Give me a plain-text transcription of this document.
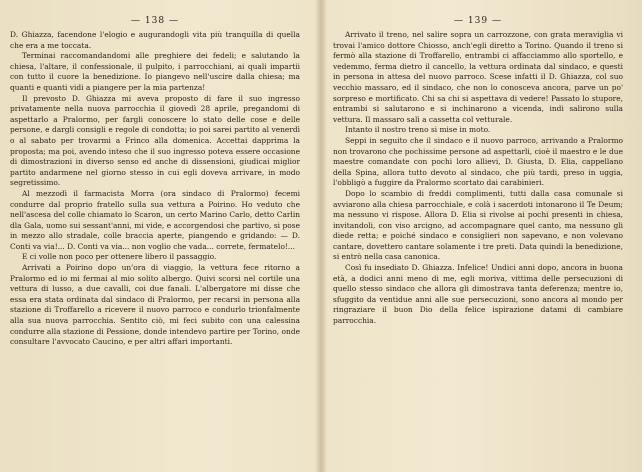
— 138 —

D. Ghiazza, facendone l'elogio e augurandogli vita più tranquilla di quella che era a me toccata.

Terminai raccomandandomi alle preghiere dei fedeli; e salutando la chiesa, l'altare, il confessionale, il pulpito, i parrocchiani, ai quali impartii con tutto il cuore la benedizione. Io piangevo nell'uscire dalla chiesa; ma quanti e quanti vidi a piangere per la mia partenza!

Il prevosto D. Ghiazza mi aveva proposto di fare il suo ingresso privatamente nella nuova parrocchia il giovedì 28 aprile, pregandomi di aspettarlo a Pralormo, per fargli conoscere lo stato delle cose e delle persone, e dargli consigli e regole di condotta; io poi sarei partito al venerdì o al sabato per trovarmi a Frinco alla domenica. Accettai dapprima la proposta; ma poi, avendo inteso che il suo ingresso poteva essere occasione di dimostrazioni in diverso senso ed anche di dissensioni, giudicai miglior partito andarmene nel giorno stesso in cui egli doveva arrivare, in modo segretissimo.

Al mezzodì il farmacista Morra (ora sindaco di Pralormo) fecemi condurre dal proprio fratello sulla sua vettura a Poirino. Ho veduto che nell'ascesa del colle chiamato lo Scaron, un certo Marino Carlo, detto Carlin dla Gala, uomo sui sessant'anni, mi vide, e accorgendosi che partivo, si pose in mezzo allo stradale, colle braccia aperte, piangendo e gridando: — D. Conti va via!... D. Conti va via... non voglio che vada... correte, fermatelo!...

E ci volle non poco per ottenere libero il passaggio.

Arrivati a Poirino dopo un'ora di viaggio, la vettura fece ritorno a Pralormo ed io mi fermai al mio solito albergo. Quivi scorsi nel cortile una vettura di lusso, a due cavalli, coi due fanali. L'albergatore mi disse che essa era stata ordinata dal sindaco di Pralormo, per recarsi in persona alla stazione di Troffarello a ricevere il nuovo parroco e condurlo trionfalmente alla sua nuova parrocchia. Sentito ciò, mi feci subito con una calessina condurre alla stazione di Pessione, donde intendevo partire per Torino, onde consultare l'avvocato Caucino, e per altri affari importanti.

— 139 —

Arrivato il treno, nel salire sopra un carrozzone, con grata meraviglia vi trovai l'amico dottore Chiosso, anch'egli diretto a Torino. Quando il treno si fermò alla stazione di Troffarello, entrambi ci affacciammo allo sportello, e vedemmo, ferma dietro il cancello, la vettura ordinata dal sindaco, e questi in persona in attesa del nuovo parroco. Scese infatti il D. Ghiazza, col suo vecchio massaro, ed il sindaco, che non lo conosceva ancora, parve un po' sorpreso e mortificato. Chi sa chi si aspettava di vedere! Passato lo stupore, entrambi si salutarono e si inchinarono a vicenda, indi salirono sulla vettura. Il massaro salì a cassetta col vetturale.

Intanto il nostro treno si mise in moto.

Seppi in seguito che il sindaco e il nuovo parroco, arrivando a Pralormo non trovarono che pochissime persone ad aspettarli, cioè il maestro e le due maestre comandate con pochi loro allievi, D. Giusta, D. Elia, cappellano della Spina, allora tutto devoto al sindaco, che più tardi, preso in uggia, l'obbligò a fuggire da Pralormo scortato dai carabinieri.

Dopo lo scambio di freddi complimenti, tutti dalla casa comunale si avviarono alla chiesa parrocchiale, e colà i sacerdoti intonarono il Te Deum; ma nessuno vi rispose. Allora D. Elia si rivolse ai pochi presenti in chiesa, invitandoli, con viso arcigno, ad accompagnare quel canto, ma nessuno gli diede retta; e poiché sindaco e consiglieri non sapevano, e non volevano cantare, dovettero cantare solamente i tre preti. Data quindi la benedizione, si entrò nella casa canonica.

Così fu insediato D. Ghiazza. Infelice! Undici anni dopo, ancora in buona età, a dodici anni meno di me, egli moriva, vittima delle persecuzioni di quello stesso sindaco che allora gli dimostrava tanta deferenza; mentre io, sfuggito da ventidue anni alle sue persecuzioni, sono ancora al mondo per ringraziare il buon Dio della felice ispirazione datami di cambiare parrocchia.
